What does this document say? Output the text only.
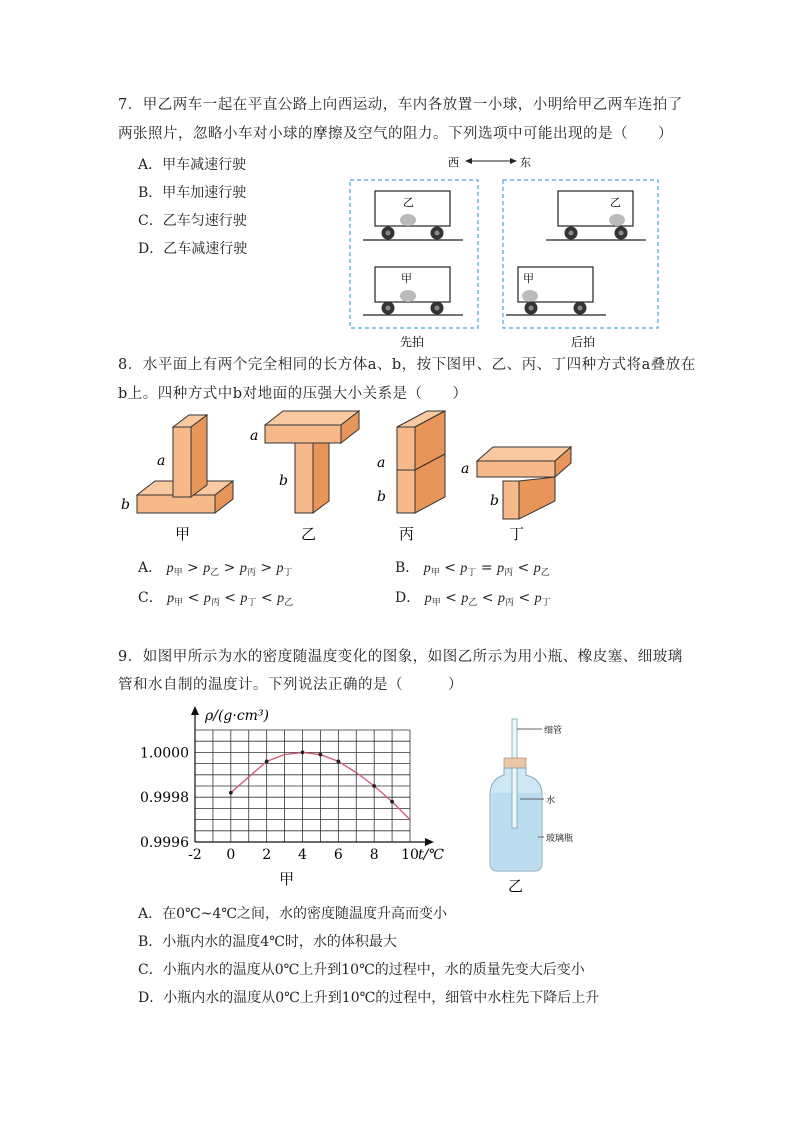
7．甲乙两车一起在平直公路上向西运动，车内各放置一小球，小明给甲乙两车连拍了
两张照片，忽略小车对小球的摩擦及空气的阻力。下列选项中可能出现的是（　　）
A．甲车减速行驶
B．甲车加速行驶
C．乙车匀速行驶
D．乙车减速行驶
西	东
乙
甲
乙
甲
先拍	后拍
8．水平面上有两个完全相同的长方体a、b，按下图甲、乙、丙、丁四种方式将a叠放在
b上。四种方式中b对地面的压强大小关系是（　　）
a
b
甲
a
b
乙
a
b
丙
a
b
丁
A． $p_甲 > p_乙 > p_丙 > p_丁$	B． $p_甲 < p_丁 = p_丙 < p_乙$
C． $p_甲 < p_丙 < p_丁 < p_乙$	D． $p_甲 < p_乙 < p_丙 < p_丁$
9．如图甲所示为水的密度随温度变化的图象，如图乙所示为用小瓶、橡皮塞、细玻璃
管和水自制的温度计。下列说法正确的是（　　　）
-2 0 2 4 6 8 10
0.9996
0.9998
1.0000
ρ/(g·cm³)
t/℃
甲
细管
水
玻璃瓶
乙
A．在0℃~4℃之间，水的密度随温度升高而变小
B．小瓶内水的温度4℃时，水的体积最大
C．小瓶内水的温度从0℃上升到10℃的过程中，水的质量先变大后变小
D．小瓶内水的温度从0℃上升到10℃的过程中，细管中水柱先下降后上升
